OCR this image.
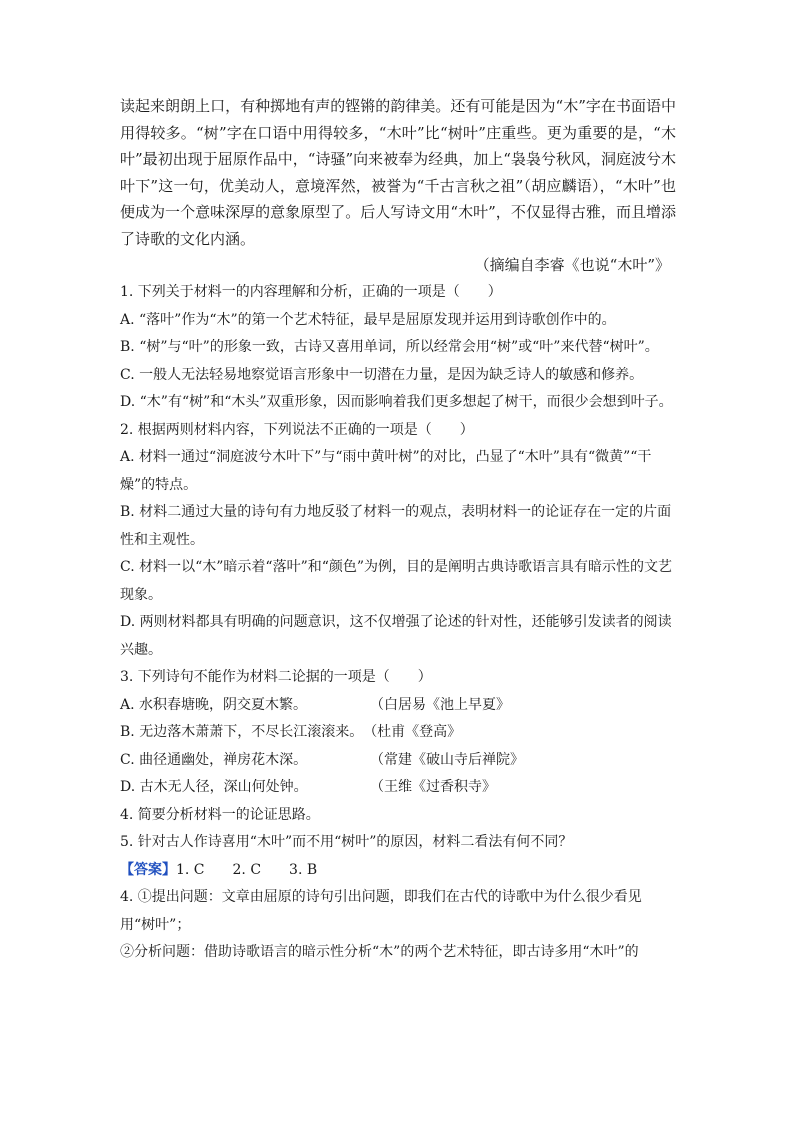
读起来朗朗上口，有种掷地有声的铿锵的韵律美。还有可能是因为“木”字在书面语中用得较多。“树”字在口语中用得较多，“木叶”比“树叶”庄重些。更为重要的是，“木叶”最初出现于屈原作品中，“诗骚”向来被奉为经典，加上“袅袅兮秋风，洞庭波兮木叶下”这一句，优美动人，意境浑然，被誉为“千古言秋之祖”（胡应麟语），“木叶”也便成为一个意味深厚的意象原型了。后人写诗文用“木叶”，不仅显得古雅，而且增添了诗歌的文化内涵。

（摘编自李睿《也说“木叶”》

1. 下列关于材料一的内容理解和分析，正确的一项是（　　）

A. “落叶”作为“木”的第一个艺术特征，最早是屈原发现并运用到诗歌创作中的。

B. “树”与“叶”的形象一致，古诗又喜用单词，所以经常会用“树”或“叶”来代替“树叶”。

C. 一般人无法轻易地察觉语言形象中一切潜在力量，是因为缺乏诗人的敏感和修养。

D. “木”有“树”和“木头”双重形象，因而影响着我们更多想起了树干，而很少会想到叶子。

2. 根据两则材料内容，下列说法不正确的一项是（　　）

A. 材料一通过“洞庭波兮木叶下”与“雨中黄叶树”的对比，凸显了“木叶”具有“微黄”“干燥”的特点。

B. 材料二通过大量的诗句有力地反驳了材料一的观点，表明材料一的论证存在一定的片面性和主观性。

C. 材料一以“木”暗示着“落叶”和“颜色”为例，目的是阐明古典诗歌语言具有暗示性的文艺现象。

D. 两则材料都具有明确的问题意识，这不仅增强了论述的针对性，还能够引发读者的阅读兴趣。

3. 下列诗句不能作为材料二论据的一项是（　　）

A. 水积春塘晚，阴交夏木繁。	（白居易《池上早夏》
B. 无边落木萧萧下，不尽长江滚滚来。 （杜甫《登高》
C. 曲径通幽处，禅房花木深。	（常建《破山寺后禅院》
D. 古木无人径，深山何处钟。	（王维《过香积寺》

4. 简要分析材料一的论证思路。

5. 针对古人作诗喜用“木叶”而不用“树叶”的原因，材料二看法有何不同？

【答案】1. C　　2. C　　3. B

4. ①提出问题：文章由屈原的诗句引出问题，即我们在古代的诗歌中为什么很少看见用“树叶”；

②分析问题：借助诗歌语言的暗示性分析“木”的两个艺术特征，即古诗多用“木叶”的
